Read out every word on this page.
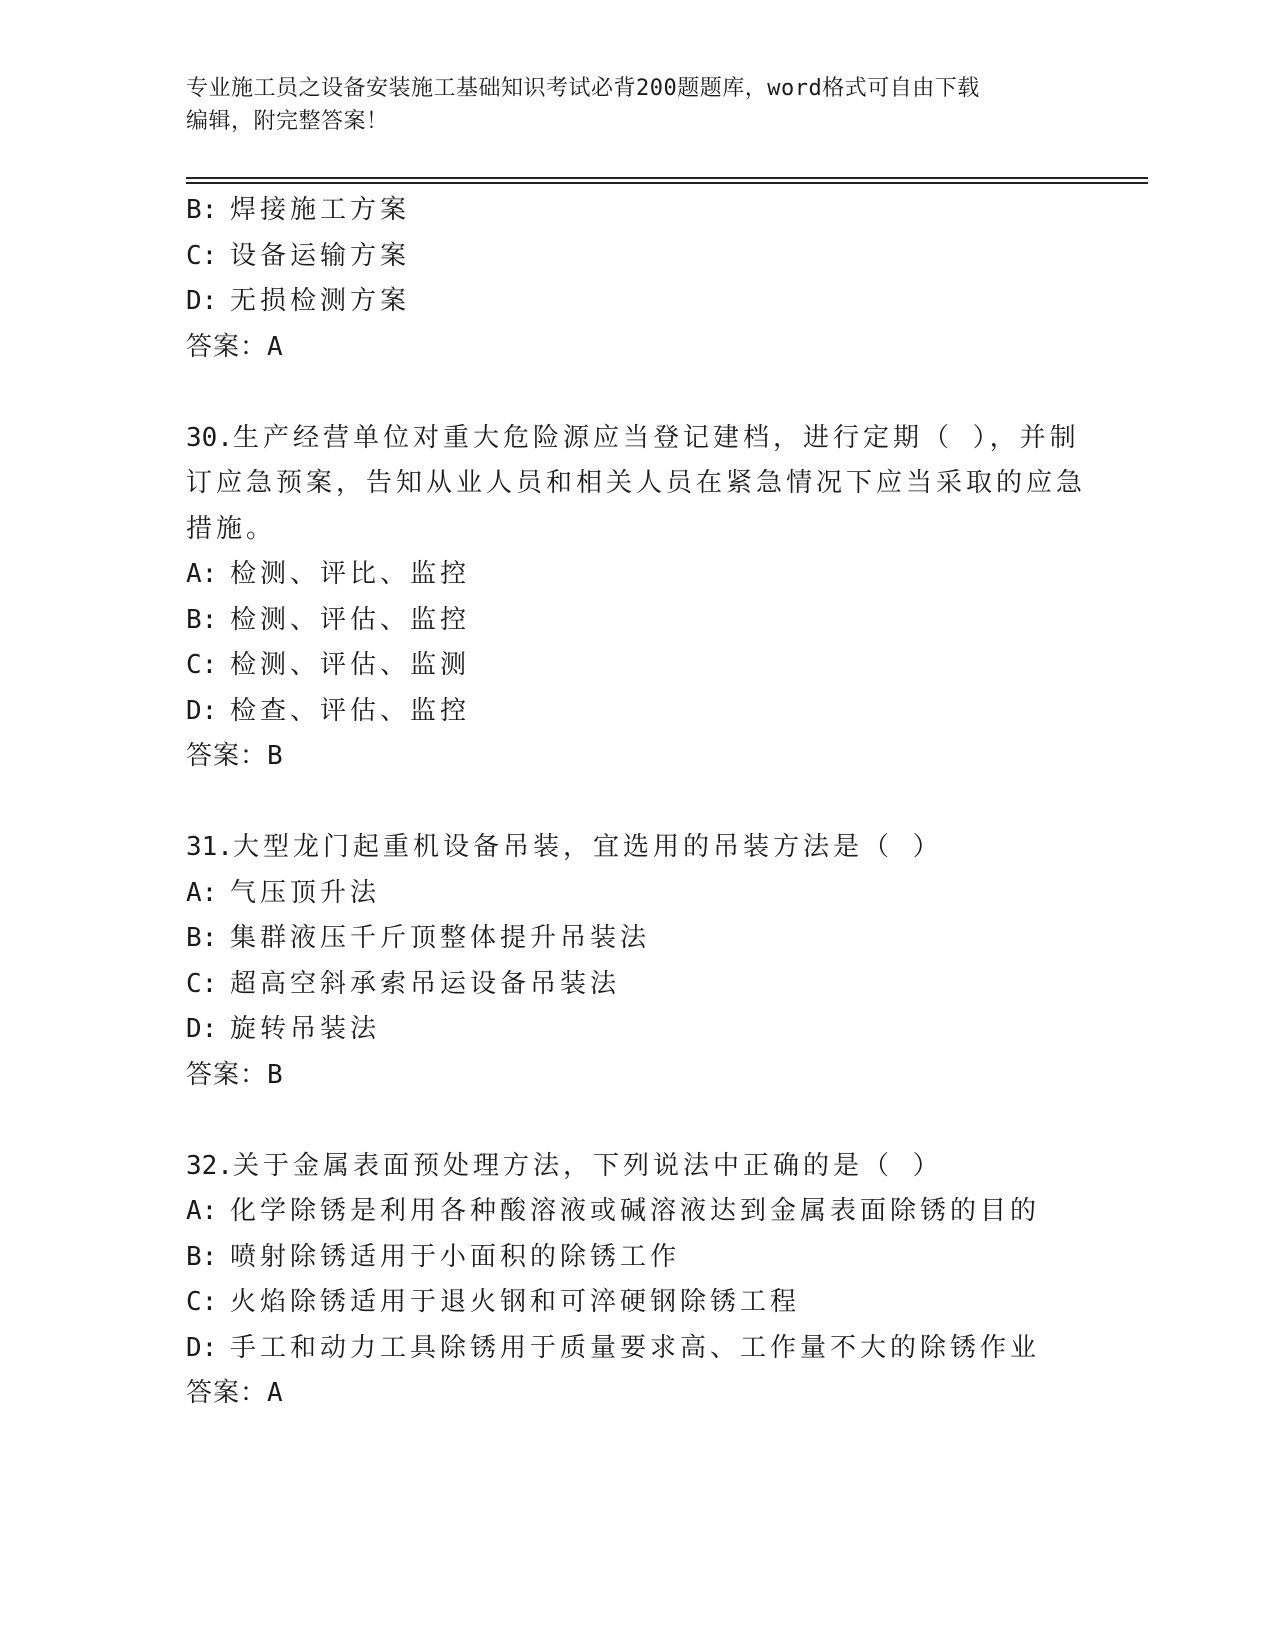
专业施工员之设备安装施工基础知识考试必背200题题库，word格式可自由下载
编辑，附完整答案！
B: 焊接施工方案
C: 设备运输方案
D: 无损检测方案
答案：A
30.生产经营单位对重大危险源应当登记建档，进行定期（ ），并制
订应急预案，告知从业人员和相关人员在紧急情况下应当采取的应急
措施。
A: 检测、评比、监控
B: 检测、评估、监控
C: 检测、评估、监测
D: 检查、评估、监控
答案：B
31.大型龙门起重机设备吊装，宜选用的吊装方法是（ ）
A: 气压顶升法
B: 集群液压千斤顶整体提升吊装法
C: 超高空斜承索吊运设备吊装法
D: 旋转吊装法
答案：B
32.关于金属表面预处理方法，下列说法中正确的是（ ）
A: 化学除锈是利用各种酸溶液或碱溶液达到金属表面除锈的目的
B: 喷射除锈适用于小面积的除锈工作
C: 火焰除锈适用于退火钢和可淬硬钢除锈工程
D: 手工和动力工具除锈用于质量要求高、工作量不大的除锈作业
答案：A
